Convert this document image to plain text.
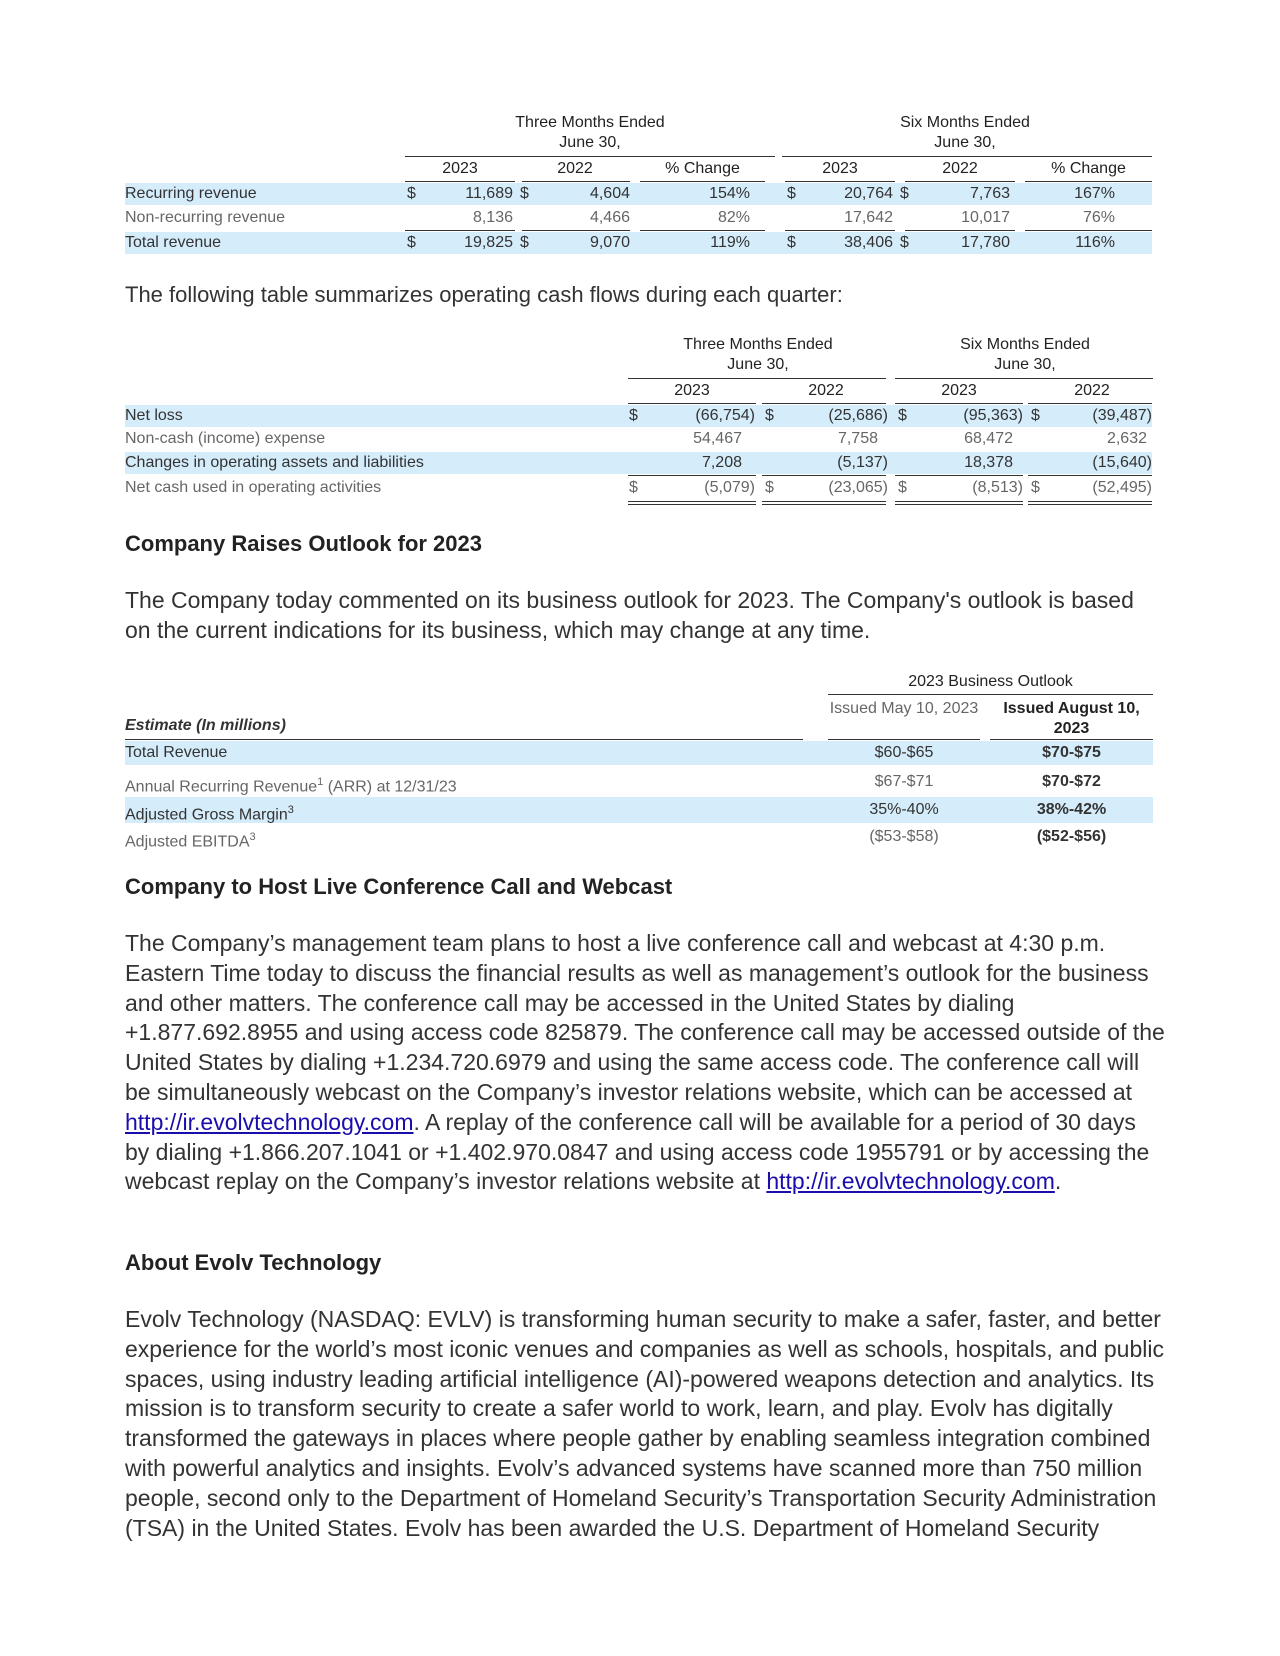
Three Months Ended
June 30,
Six Months Ended
June 30,
2023	2022	% Change	2023	2022	% Change
Recurring revenue	$	11,689 $	4,604	154% $	20,764 $	7,763	167%
Non-recurring revenue	8,136	4,466	82%	17,642	10,017	76%
Total revenue	$	19,825 $	9,070	119% $	38,406 $	17,780	116%
The following table summarizes operating cash flows during each quarter:
Three Months Ended
June 30,
Six Months Ended
June 30,
2023	2022	2023	2022
Net loss	$	(66,754) $	(25,686) $	(95,363) $	(39,487)
Non-cash (income) expense	54,467	7,758	68,472	2,632
Changes in operating assets and liabilities	7,208	(5,137)	18,378	(15,640)
Net cash used in operating activities	$	(5,079) $	(23,065) $	(8,513) $	(52,495)
Company Raises Outlook for 2023

The Company today commented on its business outlook for 2023. The Company's outlook is based on the current indications for its business, which may change at any time.

2023 Business Outlook
Issued May 10, 2023	Issued August 10, 2023
Estimate (In millions)
Total Revenue	$60-$65	$70-$75
Annual Recurring Revenue$^1$ (ARR) at 12/31/23	$67-$71	$70-$72
Adjusted Gross Margin$^3$	35%-40%	38%-42%
Adjusted EBITDA$^3$	($53-$58)	($52-$56)
Company to Host Live Conference Call and Webcast

The Company’s management team plans to host a live conference call and webcast at 4:30 p.m. Eastern Time today to discuss the financial results as well as management’s outlook for the business and other matters. The conference call may be accessed in the United States by dialing +1.877.692.8955 and using access code 825879. The conference call may be accessed outside of the United States by dialing +1.234.720.6979 and using the same access code. The conference call will be simultaneously webcast on the Company’s investor relations website, which can be accessed at http://ir.evolvtechnology.com. A replay of the conference call will be available for a period of 30 days by dialing +1.866.207.1041 or +1.402.970.0847 and using access code 1955791 or by accessing the webcast replay on the Company’s investor relations website at http://ir.evolvtechnology.com.

About Evolv Technology

Evolv Technology (NASDAQ: EVLV) is transforming human security to make a safer, faster, and better experience for the world’s most iconic venues and companies as well as schools, hospitals, and public spaces, using industry leading artificial intelligence (AI)-powered weapons detection and analytics. Its mission is to transform security to create a safer world to work, learn, and play. Evolv has digitally transformed the gateways in places where people gather by enabling seamless integration combined with powerful analytics and insights. Evolv’s advanced systems have scanned more than 750 million people, second only to the Department of Homeland Security’s Transportation Security Administration (TSA) in the United States. Evolv has been awarded the U.S. Department of Homeland Security
